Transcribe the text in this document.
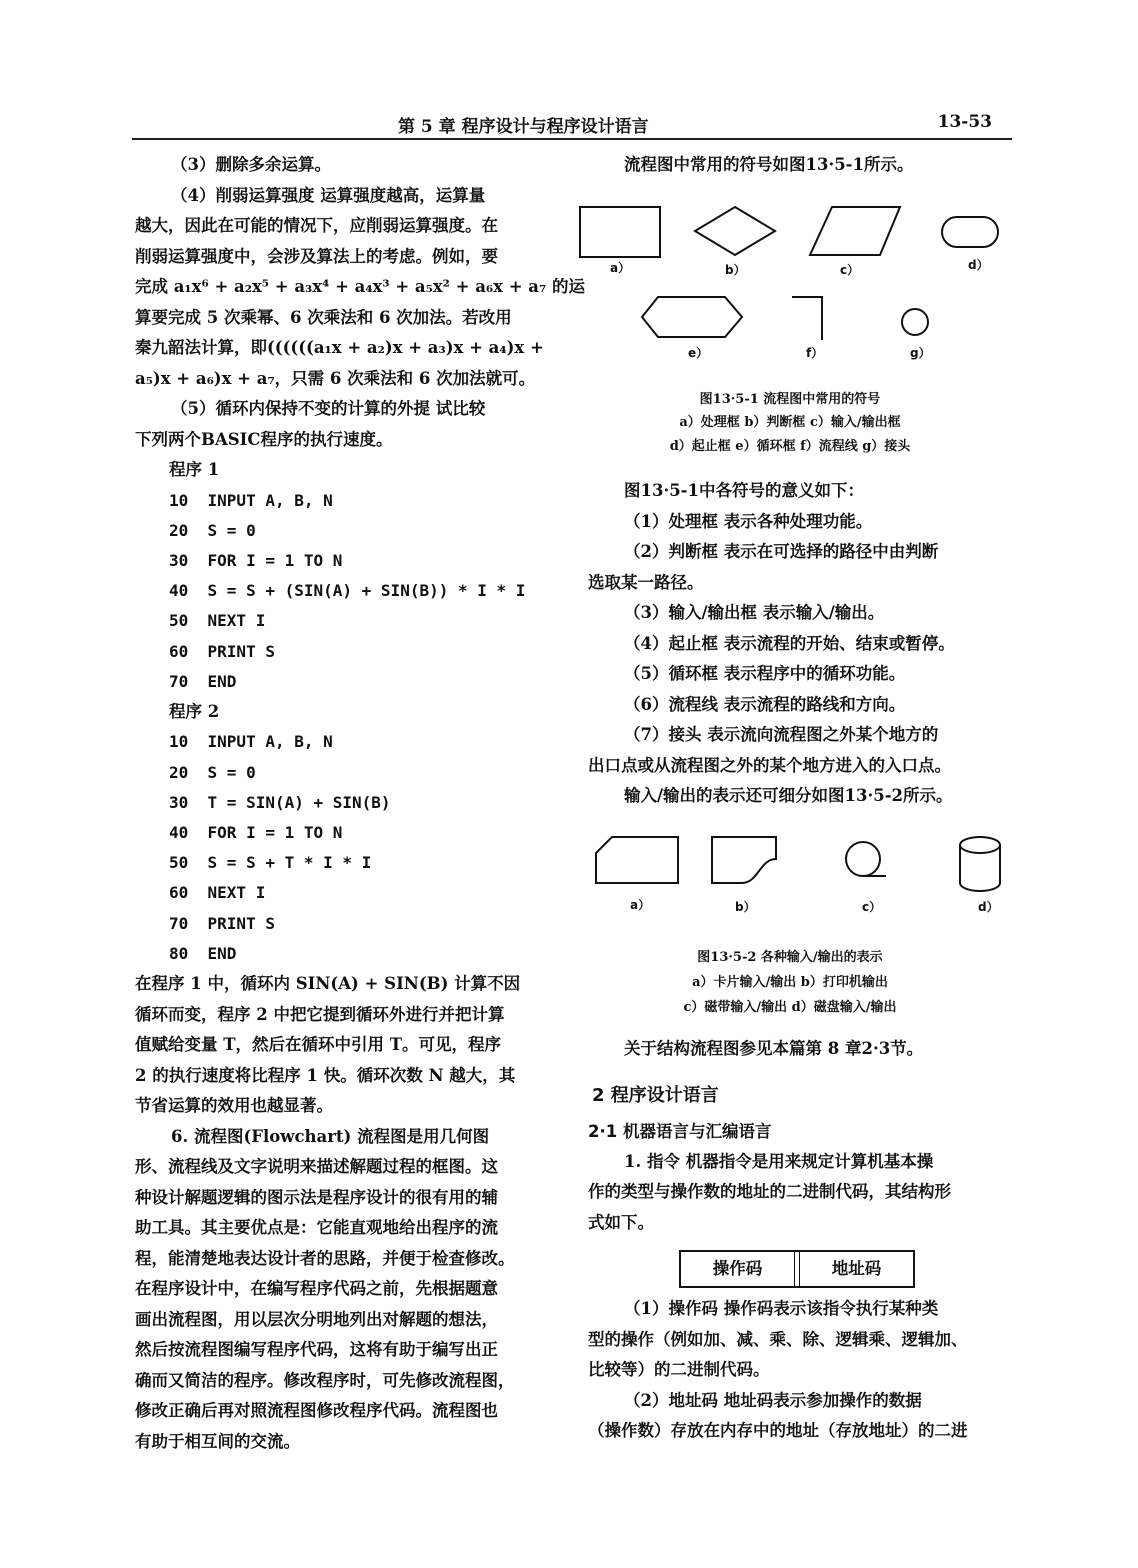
第 5 章 程序设计与程序设计语言	13-53

（3）删除多余运算。

（4）削弱运算强度 运算强度越高，运算量

越大，因此在可能的情况下，应削弱运算强度。在

削弱运算强度中，会涉及算法上的考虑。例如，要

完成 a₁x⁶ + a₂x⁵ + a₃x⁴ + a₄x³ + a₅x² + a₆x + a₇ 的运

算要完成 5 次乘幂、6 次乘法和 6 次加法。若改用

秦九韶法计算，即((((((a₁x + a₂)x + a₃)x + a₄)x +

a₅)x + a₆)x + a₇，只需 6 次乘法和 6 次加法就可。

（5）循环内保持不变的计算的外提 试比较

下列两个BASIC程序的执行速度。

程序 1

10  INPUT A, B, N

20  S = 0

30  FOR I = 1 TO N

40  S = S + (SIN(A) + SIN(B)) * I * I

50  NEXT I

60  PRINT S

70  END

程序 2

10  INPUT A, B, N

20  S = 0

30  T = SIN(A) + SIN(B)

40  FOR I = 1 TO N

50  S = S + T * I * I

60  NEXT I

70  PRINT S

80  END

在程序 1 中，循环内 SIN(A) + SIN(B) 计算不因

循环而变，程序 2 中把它提到循环外进行并把计算

值赋给变量 T，然后在循环中引用 T。可见，程序

2 的执行速度将比程序 1 快。循环次数 N 越大，其

节省运算的效用也越显著。

6. 流程图(Flowchart) 流程图是用几何图

形、流程线及文字说明来描述解题过程的框图。这

种设计解题逻辑的图示法是程序设计的很有用的辅

助工具。其主要优点是：它能直观地给出程序的流

程，能清楚地表达设计者的思路，并便于检查修改。

在程序设计中，在编写程序代码之前，先根据题意

画出流程图，用以层次分明地列出对解题的想法，

然后按流程图编写程序代码，这将有助于编写出正

确而又简洁的程序。修改程序时，可先修改流程图，

修改正确后再对照流程图修改程序代码。流程图也

有助于相互间的交流。

流程图中常用的符号如图13·5-1所示。

a）	b）	c）	d）
e）	f）	g）

图13·5-1 流程图中常用的符号

a）处理框 b）判断框 c）输入/输出框

d）起止框 e）循环框 f）流程线 g）接头

图13·5-1中各符号的意义如下：

（1）处理框 表示各种处理功能。

（2）判断框 表示在可选择的路径中由判断

选取某一路径。

（3）输入/输出框 表示输入/输出。

（4）起止框 表示流程的开始、结束或暂停。

（5）循环框 表示程序中的循环功能。

（6）流程线 表示流程的路线和方向。

（7）接头 表示流向流程图之外某个地方的

出口点或从流程图之外的某个地方进入的入口点。

输入/输出的表示还可细分如图13·5-2所示。

a）	b）	c）	d）

图13·5-2 各种输入/输出的表示

a）卡片输入/输出 b）打印机输出

c）磁带输入/输出 d）磁盘输入/输出

关于结构流程图参见本篇第 8 章2·3节。

2 程序设计语言

2·1 机器语言与汇编语言

1. 指令 机器指令是用来规定计算机基本操

作的类型与操作数的地址的二进制代码，其结构形

式如下。

操作码	地址码

（1）操作码 操作码表示该指令执行某种类

型的操作（例如加、减、乘、除、逻辑乘、逻辑加、

比较等）的二进制代码。

（2）地址码 地址码表示参加操作的数据

（操作数）存放在内存中的地址（存放地址）的二进
